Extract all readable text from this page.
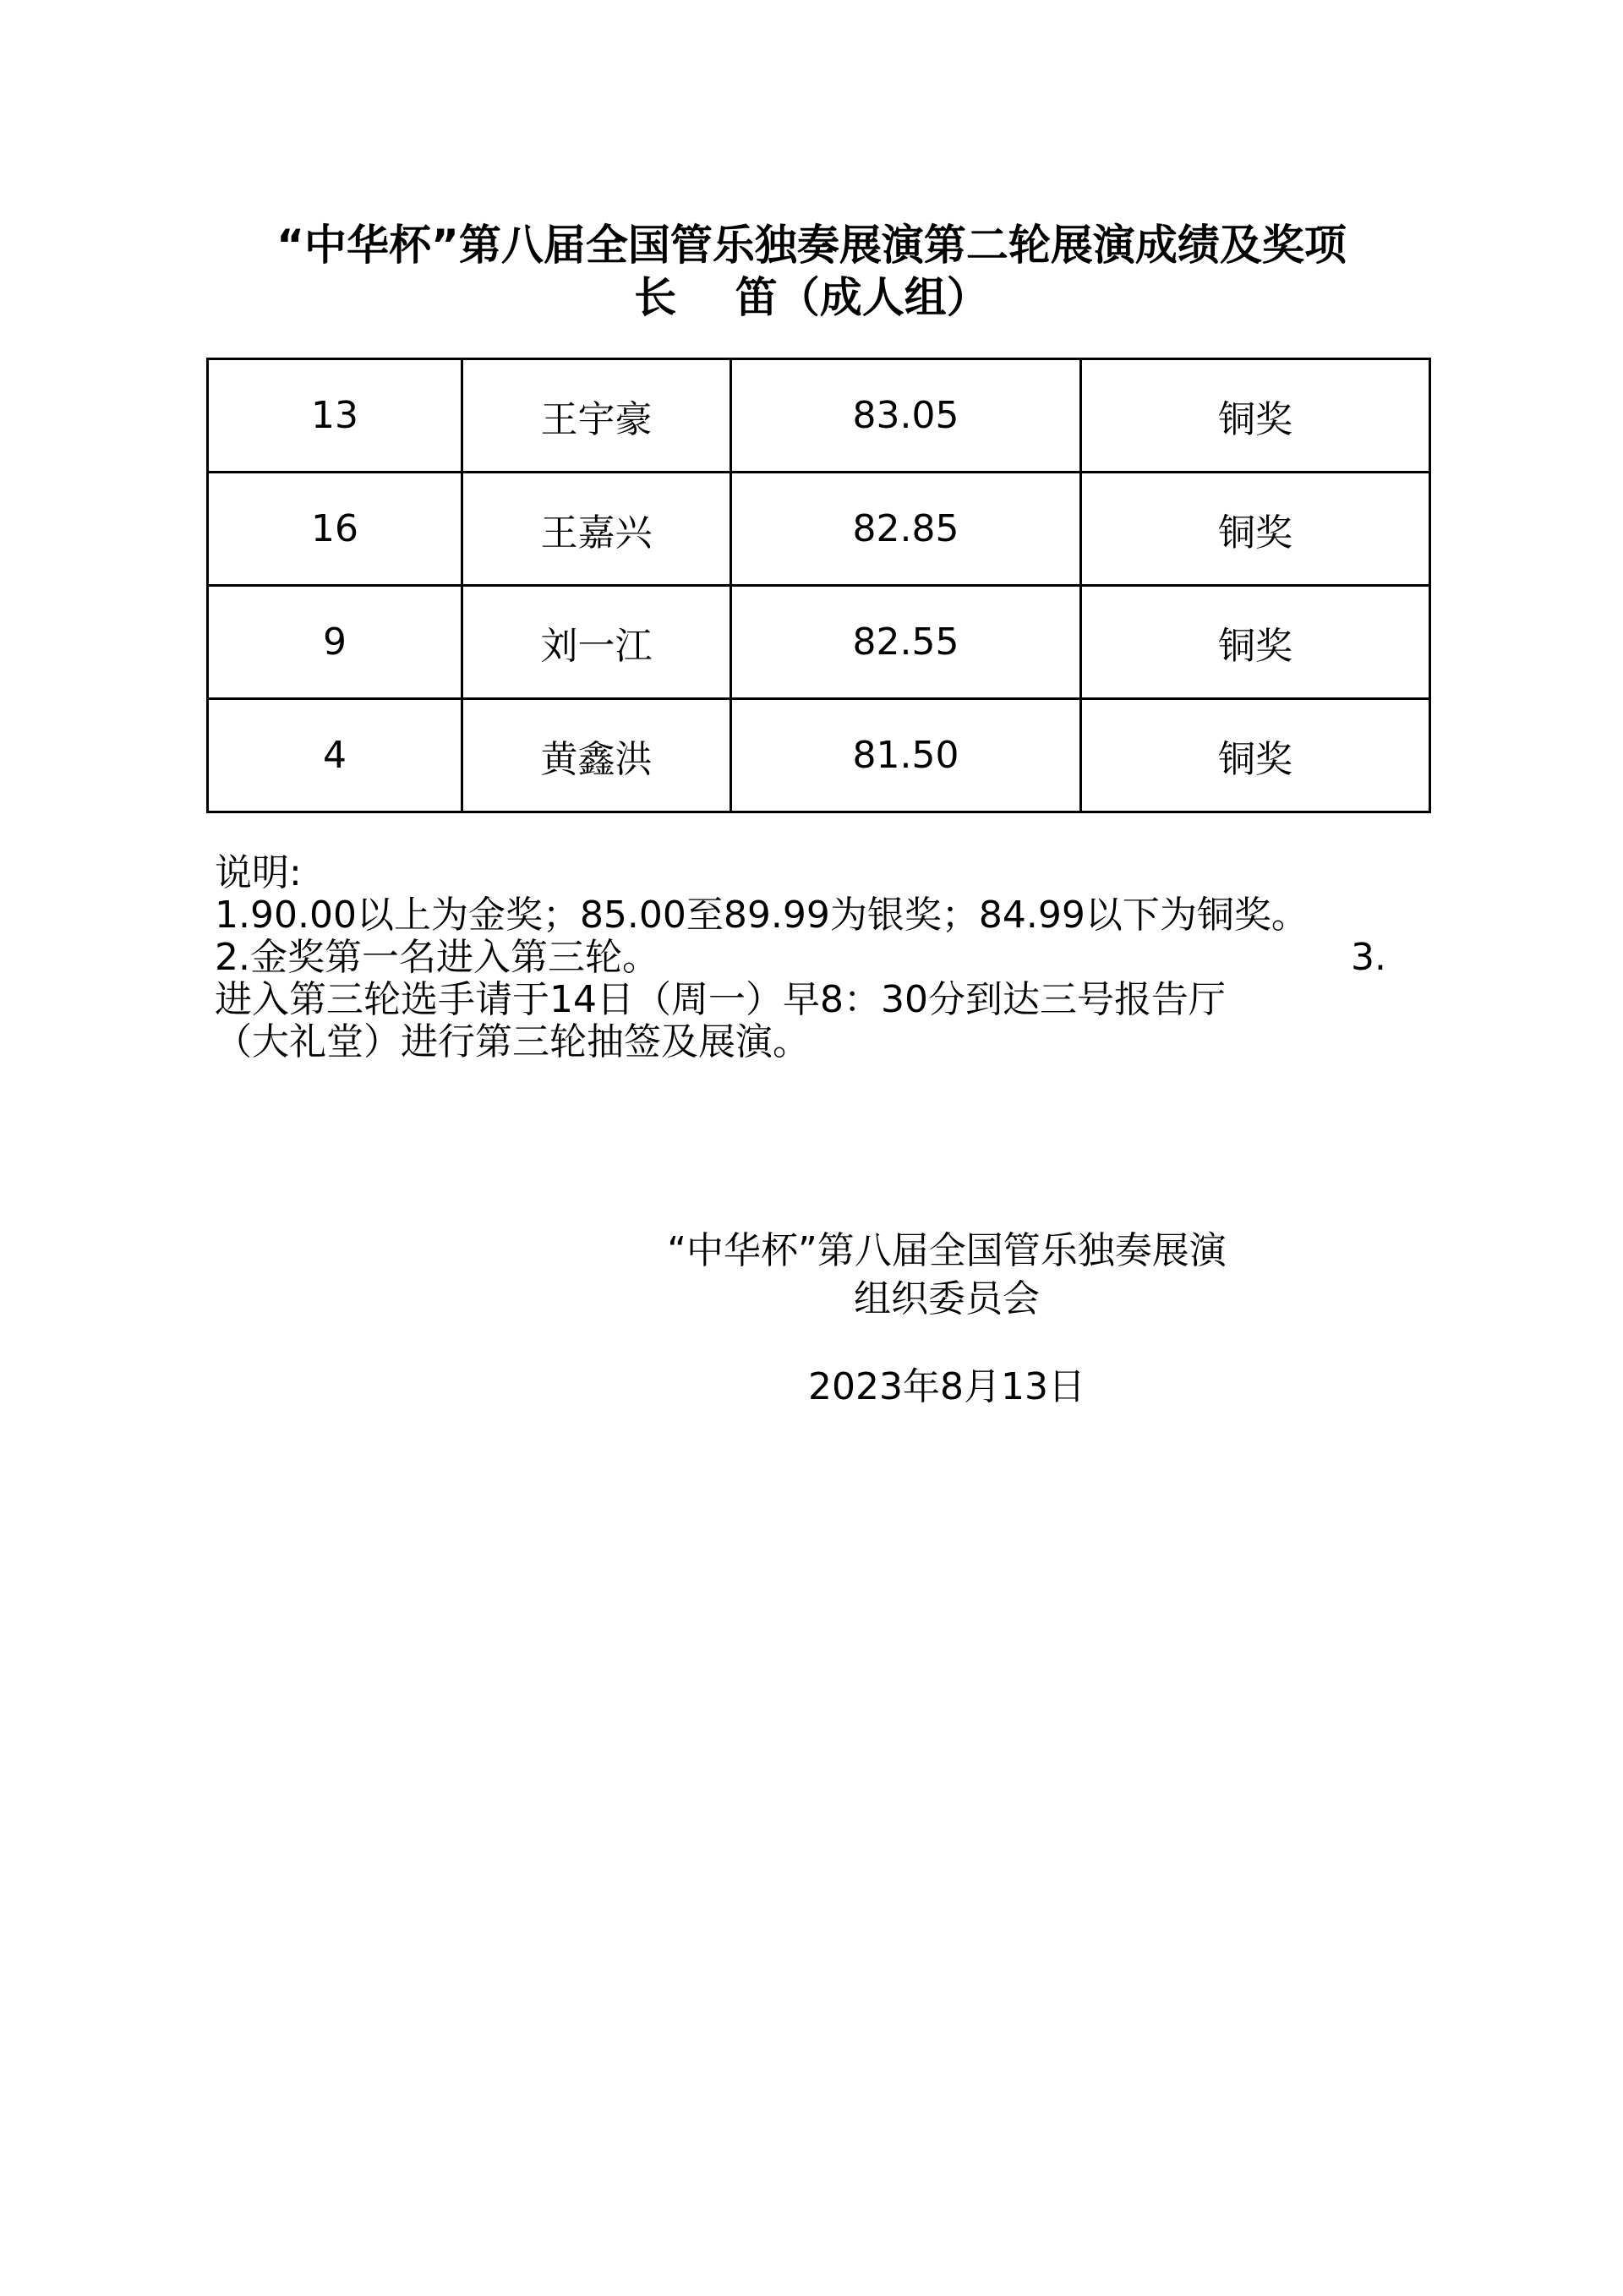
“中华杯”第八届全国管乐独奏展演第二轮展演成绩及奖项
长    笛（成人组）
13	王宇豪	83.05	铜奖
16	王嘉兴	82.85	铜奖
9	刘一江	82.55	铜奖
4	黄鑫洪	81.50	铜奖
说明:
1.90.00以上为金奖；85.00至89.99为银奖；84.99以下为铜奖。
2.金奖第一名进入第三轮。	3.
进入第三轮选手请于14日（周一）早8：30分到达三号报告厅
（大礼堂）进行第三轮抽签及展演。
“中华杯”第八届全国管乐独奏展演
组织委员会
2023年8月13日
